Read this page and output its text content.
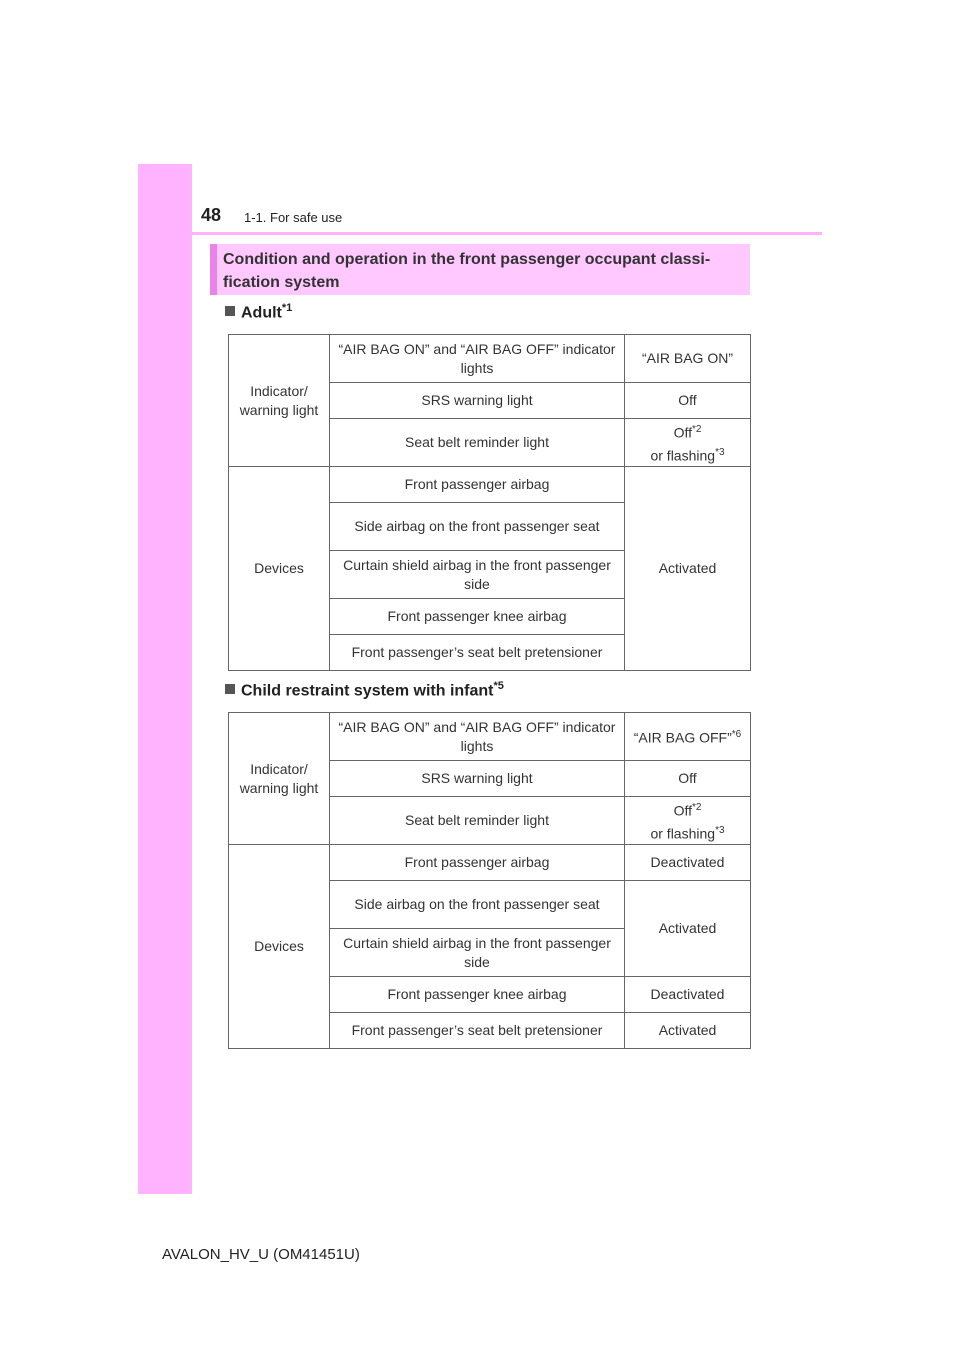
48 1-1. For safe use
Condition and operation in the front passenger occupant classi-fication system
Adult$^{*1}$
Indicator/ warning light	“AIR BAG ON” and “AIR BAG OFF” indicator lights	“AIR BAG ON”
	SRS warning light	Off
	Seat belt reminder light	Off$^{*2}$
or flashing$^{*3}$
Devices	Front passenger airbag	Activated
	Side airbag on the front passenger seat	
	Curtain shield airbag in the front passenger side	
	Front passenger knee airbag	
	Front passenger’s seat belt pretensioner	
Child restraint system with infant$^{*5}$
Indicator/ warning light	“AIR BAG ON” and “AIR BAG OFF” indicator lights	“AIR BAG OFF”$^{*6}$
	SRS warning light	Off
	Seat belt reminder light	Off$^{*2}$
or flashing$^{*3}$
Devices	Front passenger airbag	Deactivated
	Side airbag on the front passenger seat	Activated
	Curtain shield airbag in the front passenger side	
	Front passenger knee airbag	Deactivated
	Front passenger’s seat belt pretensioner	Activated
AVALON_HV_U (OM41451U)
